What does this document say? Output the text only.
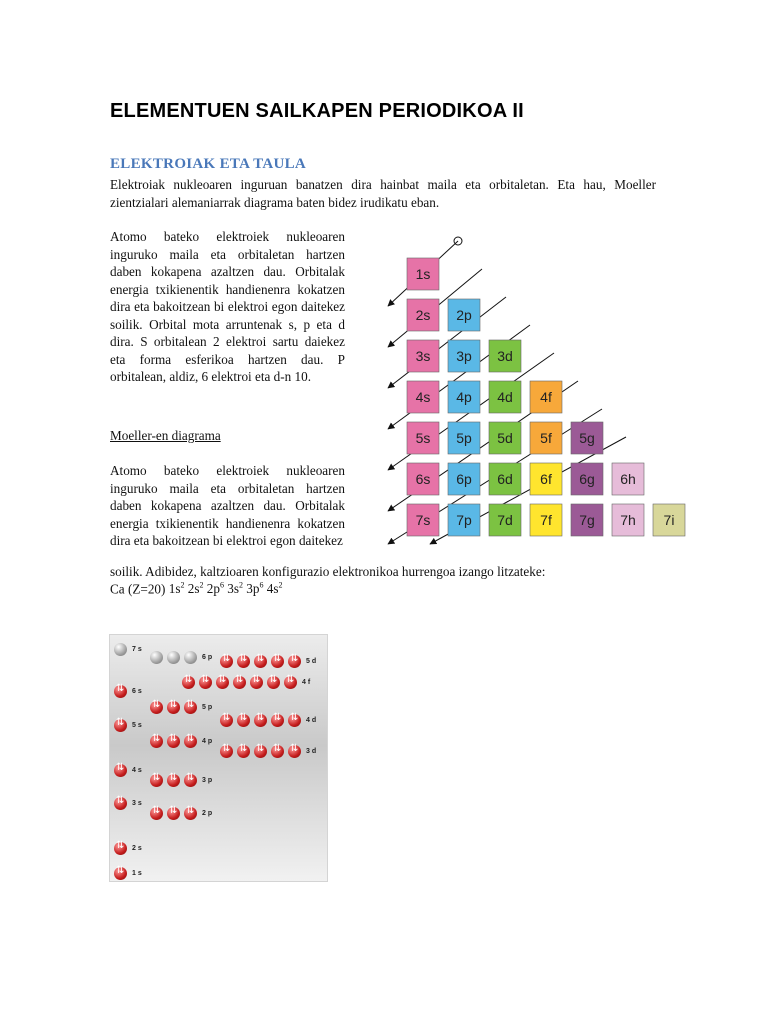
ELEMENTUEN SAILKAPEN PERIODIKOA II
ELEKTROIAK ETA TAULA
Elektroiak nukleoaren inguruan banatzen dira hainbat maila eta orbitaletan. Eta hau, Moeller zientzialari alemaniarrak diagrama baten bidez irudikatu eban.
Atomo bateko elektroiek nukleoaren inguruko maila eta orbitaletan hartzen daben kokapena azaltzen dau. Orbitalak energia txikienentik handienenra kokatzen dira eta bakoitzean bi elektroi egon daitekez soilik. Orbital mota arruntenak s, p eta d dira. S orbitalean 2 elektroi sartu daiekez eta forma esferikoa hartzen dau. P orbitalean, aldiz, 6 elektroi eta d-n 10.
Moeller-en diagrama
Atomo bateko elektroiek nukleoaren inguruko maila eta orbitaletan hartzen daben kokapena azaltzen dau. Orbitalak energia txikienentik handienenra kokatzen dira eta bakoitzean bi elektroi egon daitekez
soilik. Adibidez, kaltzioaren konfigurazio elektronikoa hurrengoa izango litzateke:
Ca (Z=20) $1s^2$ $2s^2$ $2p^6$ $3s^2$ $3p^6$ $4s^2$
1s
2s 2p
3s 3p 3d
4s 4p 4d 4f
5s 5p 5d 5f 5g
6s 6p 6d 6f 6g 6h
7s 7p 7d 7f 7g 7h 7i
7 s
6 p
⇅
⇅
⇅
⇅
⇅
5 d
⇅
⇅
⇅
⇅
⇅
⇅
⇅
4 f
⇅
6 s
⇅
⇅
⇅
5 p
⇅
⇅
⇅
⇅
⇅
4 d
⇅
5 s
⇅
⇅
⇅
4 p
⇅
⇅
⇅
⇅
⇅
3 d
⇅
4 s
⇅
⇅
⇅
3 p
⇅
3 s
⇅
⇅
⇅
2 p
⇅
2 s
⇅
1 s
